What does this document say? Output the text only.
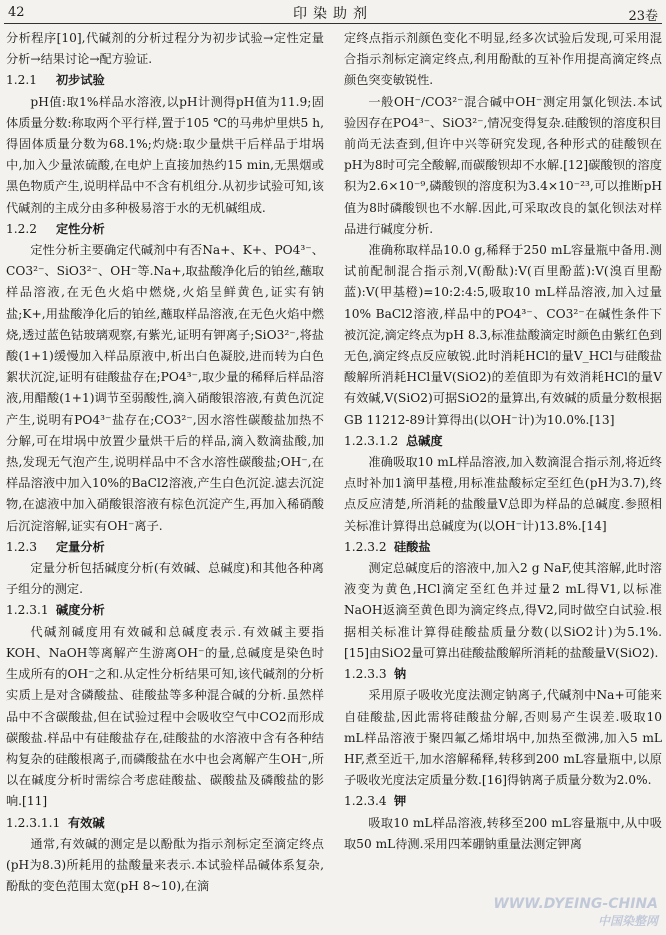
42	印染助剂	23卷

分析程序[10],代碱剂的分析过程分为初步试验→定性定量分析→结果讨论→配方验证.

1.2.1 初步试验

pH值:取1%样品水溶液,以pH计测得pH值为11.9;固体质量分数:称取两个平行样,置于105 ℃的马弗炉里烘5 h,得固体质量分数为68.1%;灼烧:取少量烘干后样品于坩埚中,加入少量浓硫酸,在电炉上直接加热约15 min,无黑烟或黑色物质产生,说明样品中不含有机组分.从初步试验可知,该代碱剂的主成分由多种极易溶于水的无机碱组成.

1.2.2 定性分析

定性分析主要确定代碱剂中有否Na+、K+、PO4³⁻、CO3²⁻、SiO3²⁻、OH⁻等.Na+,取盐酸净化后的铂丝,蘸取样品溶液,在无色火焰中燃烧,火焰呈鲜黄色,证实有钠盐;K+,用盐酸净化后的铂丝,蘸取样品溶液,在无色火焰中燃烧,透过蓝色钴玻璃观察,有紫光,证明有钾离子;SiO3²⁻,将盐酸(1+1)缓慢加入样品原液中,析出白色凝胶,进而转为白色絮状沉淀,证明有硅酸盐存在;PO4³⁻,取少量的稀释后样品溶液,用醋酸(1+1)调节至弱酸性,滴入硝酸银溶液,有黄色沉淀产生,说明有PO4³⁻盐存在;CO3²⁻,因水溶性碳酸盐加热不分解,可在坩埚中放置少量烘干后的样品,滴入数滴盐酸,加热,发现无气泡产生,说明样品中不含水溶性碳酸盐;OH⁻,在样品溶液中加入10%的BaCl2溶液,产生白色沉淀.滤去沉淀物,在滤液中加入硝酸银溶液有棕色沉淀产生,再加入稀硝酸后沉淀溶解,证实有OH⁻离子.

1.2.3 定量分析

定量分析包括碱度分析(有效碱、总碱度)和其他各种离子组分的测定.

1.2.3.1 碱度分析

代碱剂碱度用有效碱和总碱度表示.有效碱主要指KOH、NaOH等离解产生游离OH⁻的量,总碱度是染色时生成所有的OH⁻之和.从定性分析结果可知,该代碱剂的分析实质上是对含磷酸盐、硅酸盐等多种混合碱的分析.虽然样品中不含碳酸盐,但在试验过程中会吸收空气中CO2而形成碳酸盐.样品中有硅酸盐存在,硅酸盐的水溶液中含有各种结构复杂的硅酸根离子,而磷酸盐在水中也会离解产生OH⁻,所以在碱度分析时需综合考虑硅酸盐、碳酸盐及磷酸盐的影响.[11]

1.2.3.1.1 有效碱

通常,有效碱的测定是以酚酞为指示剂标定至滴定终点(pH为8.3)所耗用的盐酸量来表示.本试验样品碱体系复杂,酚酞的变色范围太宽(pH 8~10),在滴

定终点指示剂颜色变化不明显,经多次试验后发现,可采用混合指示剂标定滴定终点,利用酚酞的互补作用提高滴定终点颜色突变敏锐性.

一般OH⁻/CO3²⁻混合碱中OH⁻测定用氯化钡法.本试验因存在PO4³⁻、SiO3²⁻,情况变得复杂.硅酸钡的溶度积目前尚无法查到,但许中兴等研究发现,各种形式的硅酸钡在pH为8时可完全酸解,而碳酸钡却不水解.[12]碳酸钡的溶度积为2.6×10⁻⁹,磷酸钡的溶度积为3.4×10⁻²³,可以推断pH值为8时磷酸钡也不水解.因此,可采取改良的氯化钡法对样品进行碱度分析.

准确称取样品10.0 g,稀释于250 mL容量瓶中备用.测试前配制混合指示剂,V(酚酞):V(百里酚蓝):V(溴百里酚蓝):V(甲基橙)=10:2:4:5,吸取10 mL样品溶液,加入过量10% BaCl2溶液,样品中的PO4³⁻、CO3²⁻在碱性条件下被沉淀,滴定终点为pH 8.3,标准盐酸滴定时颜色由紫红色到无色,滴定终点反应敏锐.此时消耗HCl的量V_HCl与硅酸盐酸解所消耗HCl量V(SiO2)的差值即为有效消耗HCl的量V有效碱,V(SiO2)可据SiO2的量算出,有效碱的质量分数根据GB 11212-89计算得出(以OH⁻计)为10.0%.[13]

1.2.3.1.2 总碱度

准确吸取10 mL样品溶液,加入数滴混合指示剂,将近终点时补加1滴甲基橙,用标准盐酸标定至红色(pH为3.7),终点反应清楚,所消耗的盐酸量V总即为样品的总碱度.参照相关标准计算得出总碱度为(以OH⁻计)13.8%.[14]

1.2.3.2 硅酸盐

测定总碱度后的溶液中,加入2 g NaF,使其溶解,此时溶液变为黄色,HCl滴定至红色并过量2 mL得V1,以标准NaOH返滴至黄色即为滴定终点,得V2,同时做空白试验.根据相关标准计算得硅酸盐质量分数(以SiO2计)为5.1%.[15]由SiO2量可算出硅酸盐酸解所消耗的盐酸量V(SiO2).

1.2.3.3 钠

采用原子吸收光度法测定钠离子,代碱剂中Na+可能来自硅酸盐,因此需将硅酸盐分解,否则易产生误差.吸取10 mL样品溶液于聚四氟乙烯坩埚中,加热至微沸,加入5 mL HF,煮至近干,加水溶解稀释,转移到200 mL容量瓶中,以原子吸收光度法定质量分数.[16]得钠离子质量分数为2.0%.

1.2.3.4 钾

吸取10 mL样品溶液,转移至200 mL容量瓶中,从中吸取50 mL待测.采用四苯硼钠重量法测定钾离

WWW.DYEING-CHINA
中国染整网
